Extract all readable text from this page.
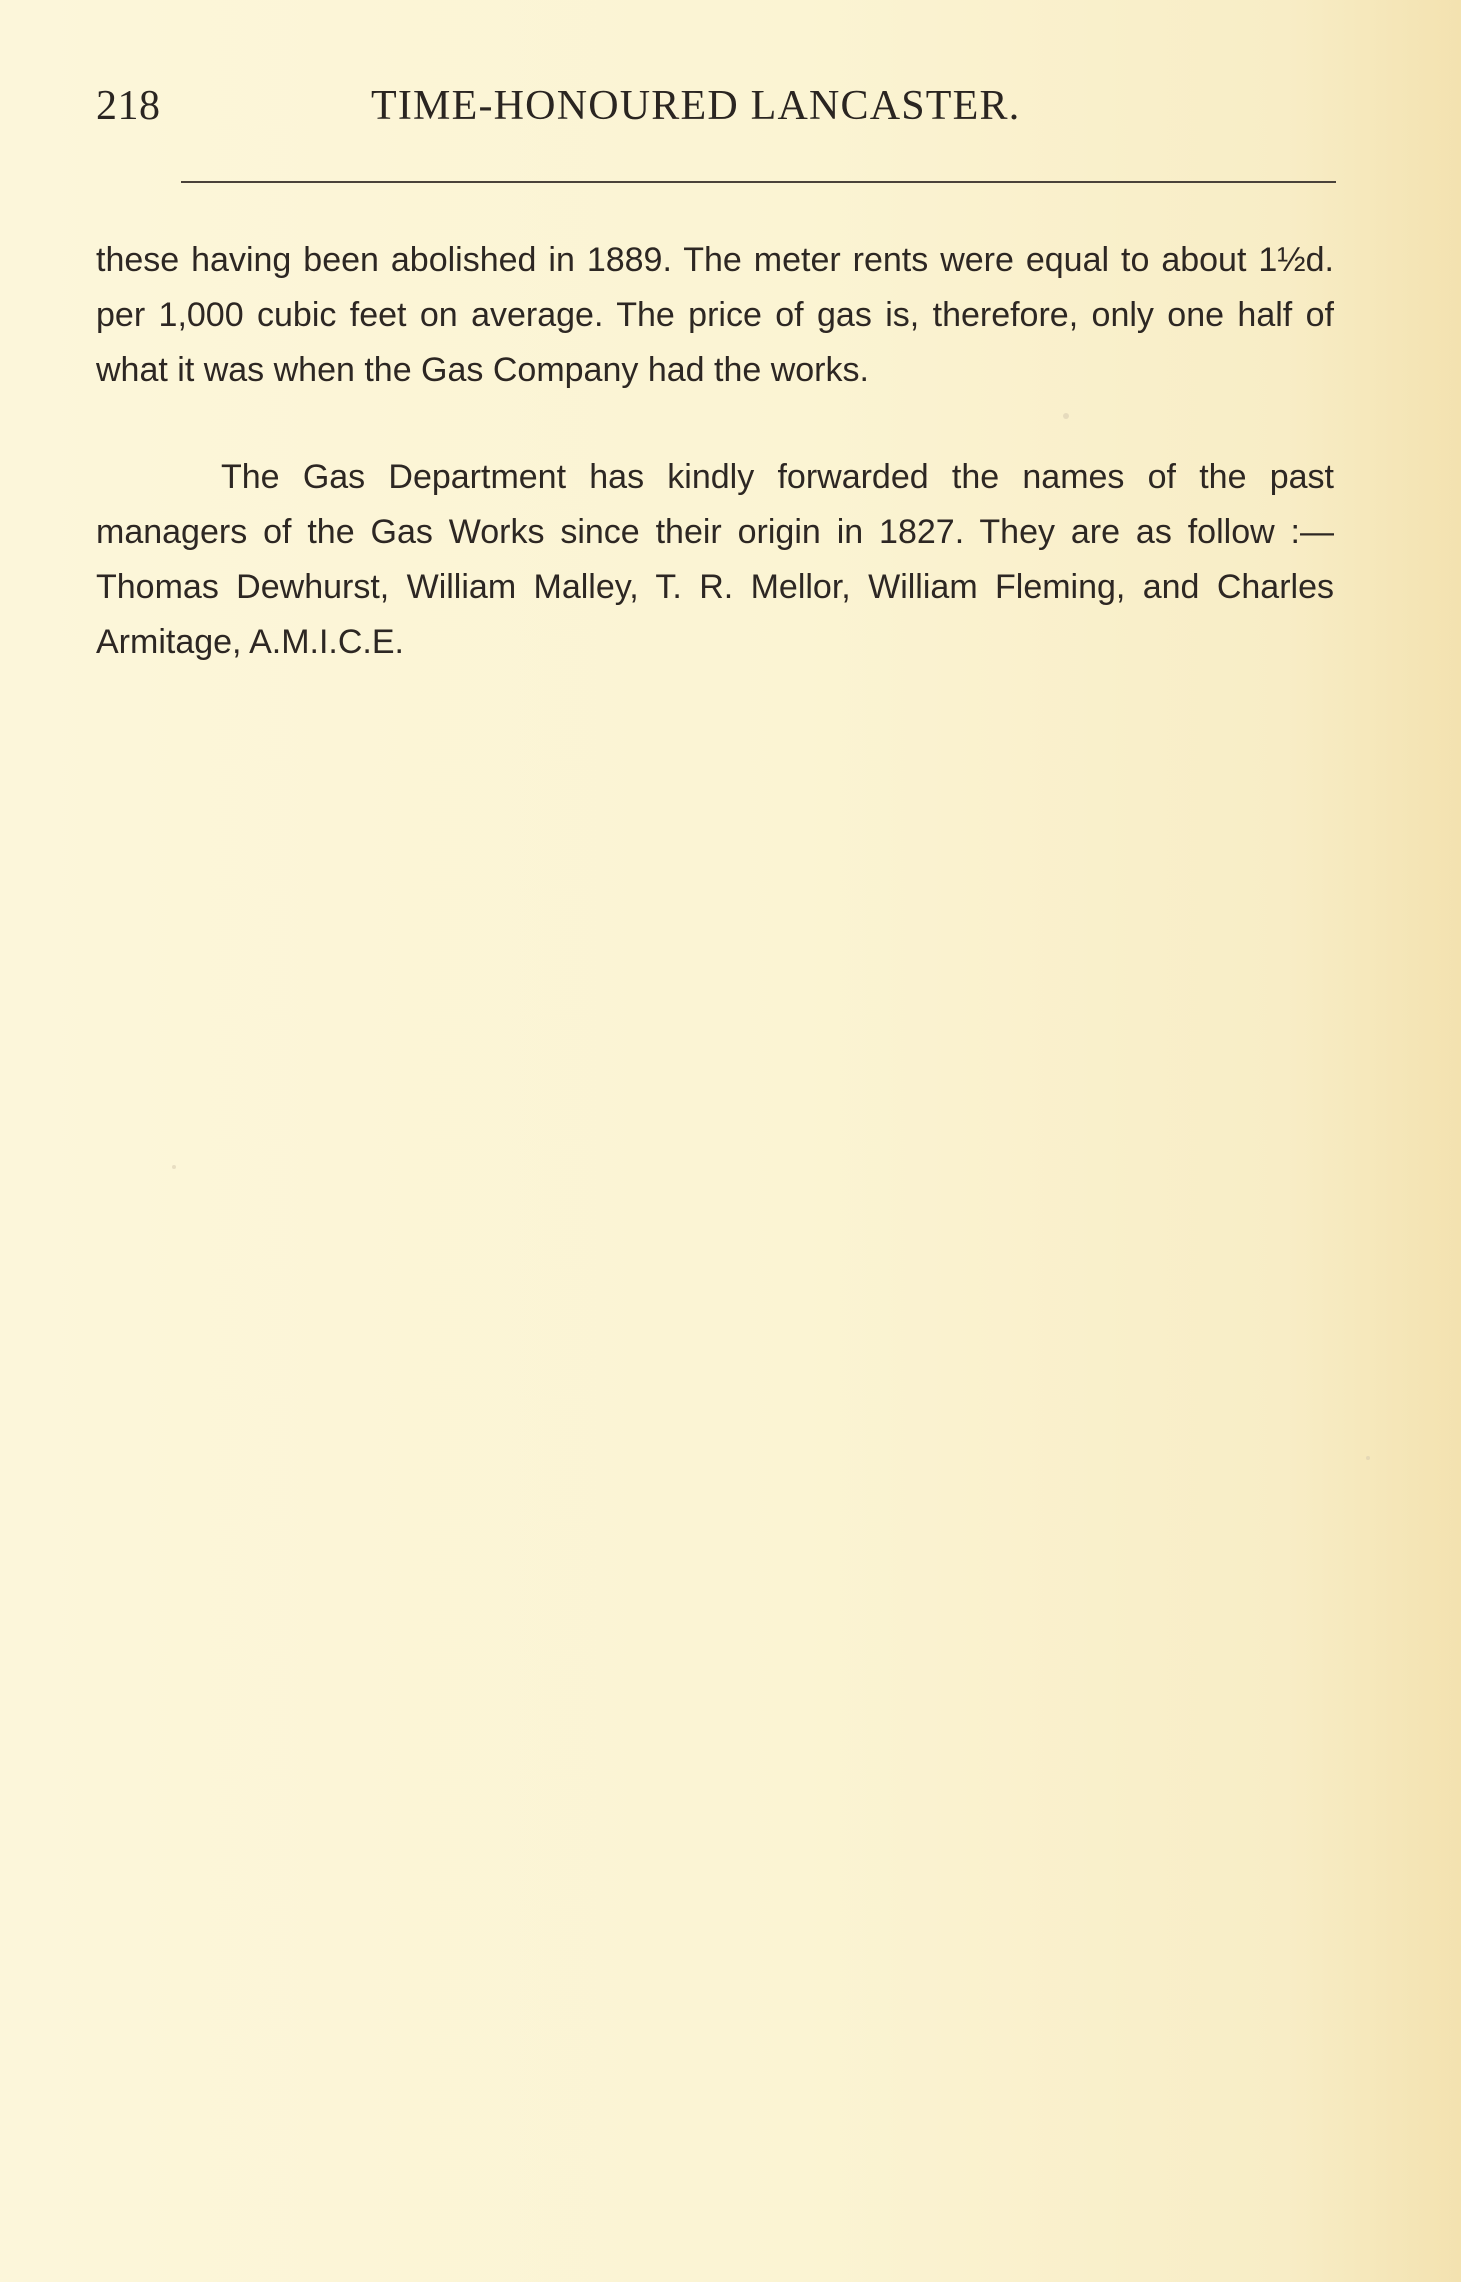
218	TIME-HONOURED LANCASTER.

these having been abolished in 1889. The meter rents were equal to about 1½d. per 1,000 cubic feet on average. The price of gas is, therefore, only one half of what it was when the Gas Company had the works.

The Gas Department has kindly forwarded the names of the past managers of the Gas Works since their origin in 1827. They are as follow :—Thomas Dewhurst, William Malley, T. R. Mellor, William Fleming, and Charles Armitage, A.M.I.C.E.
